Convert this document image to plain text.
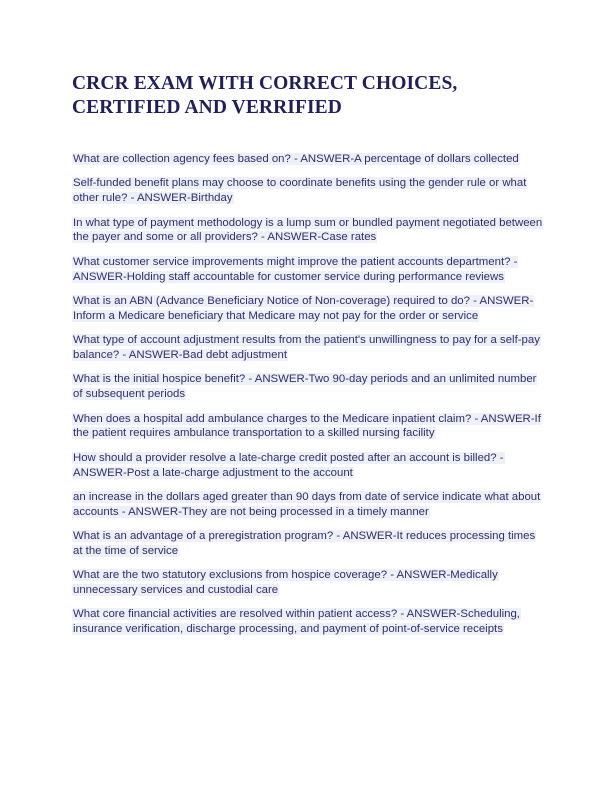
CRCR EXAM WITH CORRECT CHOICES, CERTIFIED AND VERRIFIED
What are collection agency fees based on? - ANSWER-A percentage of dollars collected
Self-funded benefit plans may choose to coordinate benefits using the gender rule or what other rule? - ANSWER-Birthday
In what type of payment methodology is a lump sum or bundled payment negotiated between the payer and some or all providers? - ANSWER-Case rates
What customer service improvements might improve the patient accounts department? - ANSWER-Holding staff accountable for customer service during performance reviews
What is an ABN (Advance Beneficiary Notice of Non-coverage) required to do? - ANSWER-Inform a Medicare beneficiary that Medicare may not pay for the order or service
What type of account adjustment results from the patient's unwillingness to pay for a self-pay balance? - ANSWER-Bad debt adjustment
What is the initial hospice benefit? - ANSWER-Two 90-day periods and an unlimited number of subsequent periods
When does a hospital add ambulance charges to the Medicare inpatient claim? - ANSWER-If the patient requires ambulance transportation to a skilled nursing facility
How should a provider resolve a late-charge credit posted after an account is billed? - ANSWER-Post a late-charge adjustment to the account
an increase in the dollars aged greater than 90 days from date of service indicate what about accounts - ANSWER-They are not being processed in a timely manner
What is an advantage of a preregistration program? - ANSWER-It reduces processing times at the time of service
What are the two statutory exclusions from hospice coverage? - ANSWER-Medically unnecessary services and custodial care
What core financial activities are resolved within patient access? - ANSWER-Scheduling, insurance verification, discharge processing, and payment of point-of-service receipts
